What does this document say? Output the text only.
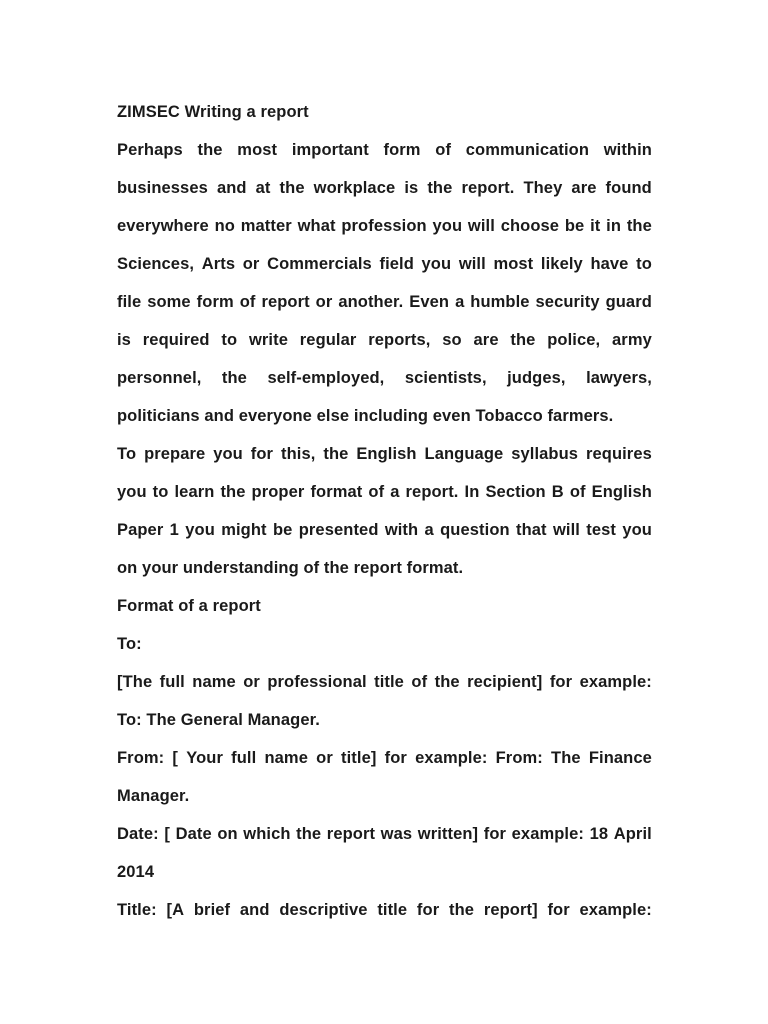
ZIMSEC Writing a report
Perhaps the most important form of communication within
businesses and at the workplace is the report. They are found
everywhere no matter what profession you will choose be it in the
Sciences, Arts or Commercials field you will most likely have to
file some form of report or another. Even a humble security guard
is required to write regular reports, so are the police, army
personnel, the self-employed, scientists, judges, lawyers,
politicians and everyone else including even Tobacco farmers.
To prepare you for this, the English Language syllabus requires
you to learn the proper format of a report. In Section B of English
Paper 1 you might be presented with a question that will test you
on your understanding of the report format.
Format of a report
To:
[The full name or professional title of the recipient] for example:
To: The General Manager.
From: [ Your full name or title] for example: From: The Finance
Manager.
Date: [ Date on which the report was written] for example: 18 April
2014
Title: [A brief and descriptive title for the report] for example:
